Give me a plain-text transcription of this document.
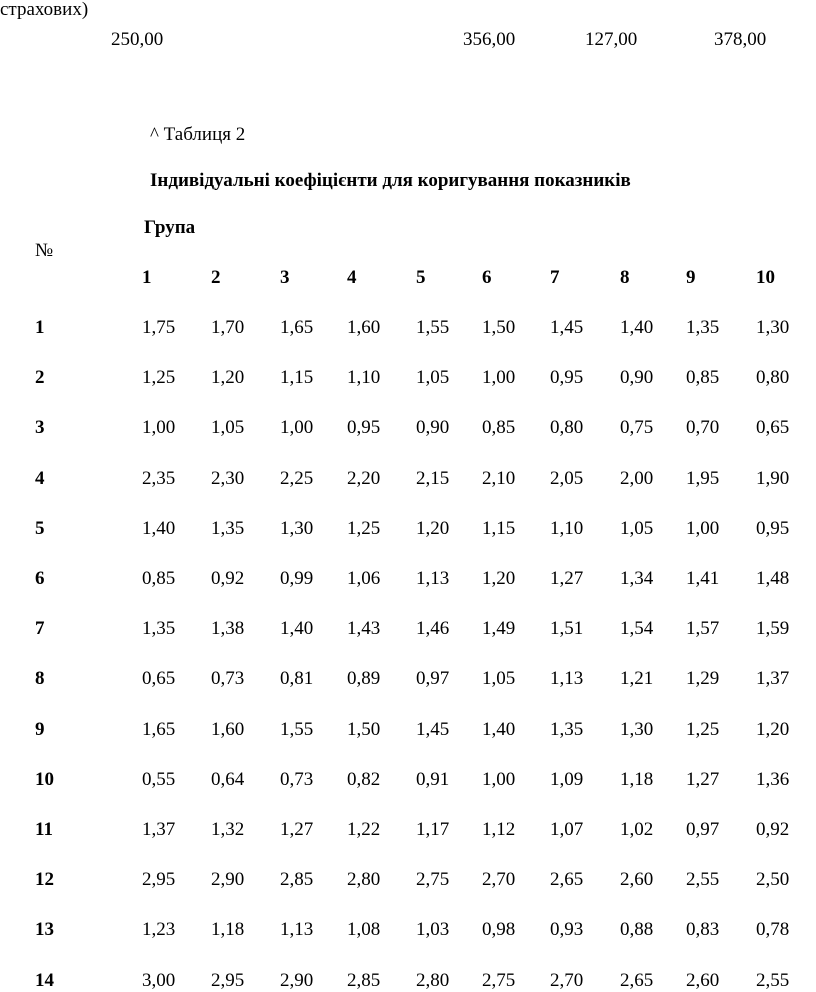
страхових)
250,00	356,00	127,00	378,00
^ Таблиця 2
Індивідуальні коефіцієнти для коригування показників
Група
№
1	2	3	4	5	6	7	8	9	10
1	1,75 1,70 1,65 1,60 1,55 1,50 1,45 1,40 1,35 1,30
2	1,25 1,20 1,15 1,10 1,05 1,00 0,95 0,90 0,85 0,80
3	1,00 1,05 1,00 0,95 0,90 0,85 0,80 0,75 0,70 0,65
4	2,35 2,30 2,25 2,20 2,15 2,10 2,05 2,00 1,95 1,90
5	1,40 1,35 1,30 1,25 1,20 1,15 1,10 1,05 1,00 0,95
6	0,85 0,92 0,99 1,06 1,13 1,20 1,27 1,34 1,41 1,48
7	1,35 1,38 1,40 1,43 1,46 1,49 1,51 1,54 1,57 1,59
8	0,65 0,73 0,81 0,89 0,97 1,05 1,13 1,21 1,29 1,37
9	1,65 1,60 1,55 1,50 1,45 1,40 1,35 1,30 1,25 1,20
10	0,55 0,64 0,73 0,82 0,91 1,00 1,09 1,18 1,27 1,36
11	1,37 1,32 1,27 1,22 1,17 1,12 1,07 1,02 0,97 0,92
12	2,95 2,90 2,85 2,80 2,75 2,70 2,65 2,60 2,55 2,50
13	1,23 1,18 1,13 1,08 1,03 0,98 0,93 0,88 0,83 0,78
14	3,00 2,95 2,90 2,85 2,80 2,75 2,70 2,65 2,60 2,55
